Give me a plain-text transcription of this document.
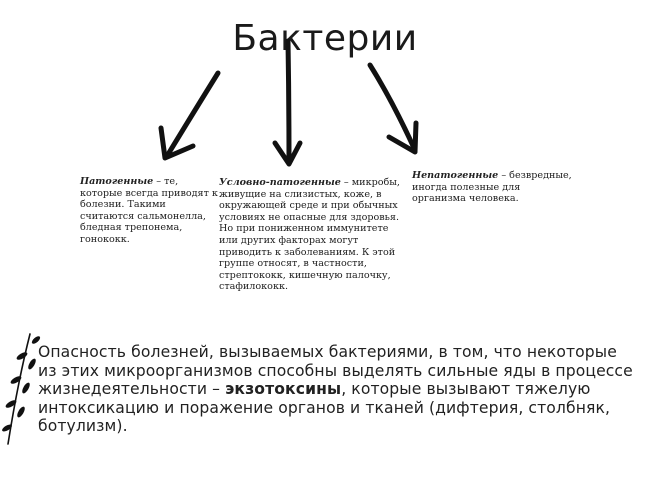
Бактерии
Патогенные – те, которые всегда приводят к болезни. Такими считаются сальмонелла, бледная трепонема, гонококк.
Условно-патогенные – микробы, живущие на слизистых, коже, в окружающей среде и при обычных условиях не опасные для здоровья. Но при пониженном иммунитете или других факторах могут приводить к заболеваниям. К этой группе относят, в частности, стрептококк, кишечную палочку, стафилококк.
Непатогенные – безвредные, иногда полезные для организма человека.
Опасность болезней, вызываемых бактериями, в том, что некоторые из этих микроорганизмов способны выделять сильные яды в процессе жизнедеятельности – экзотоксины, которые вызывают тяжелую интоксикацию и поражение органов и тканей (дифтерия, столбняк, ботулизм).
